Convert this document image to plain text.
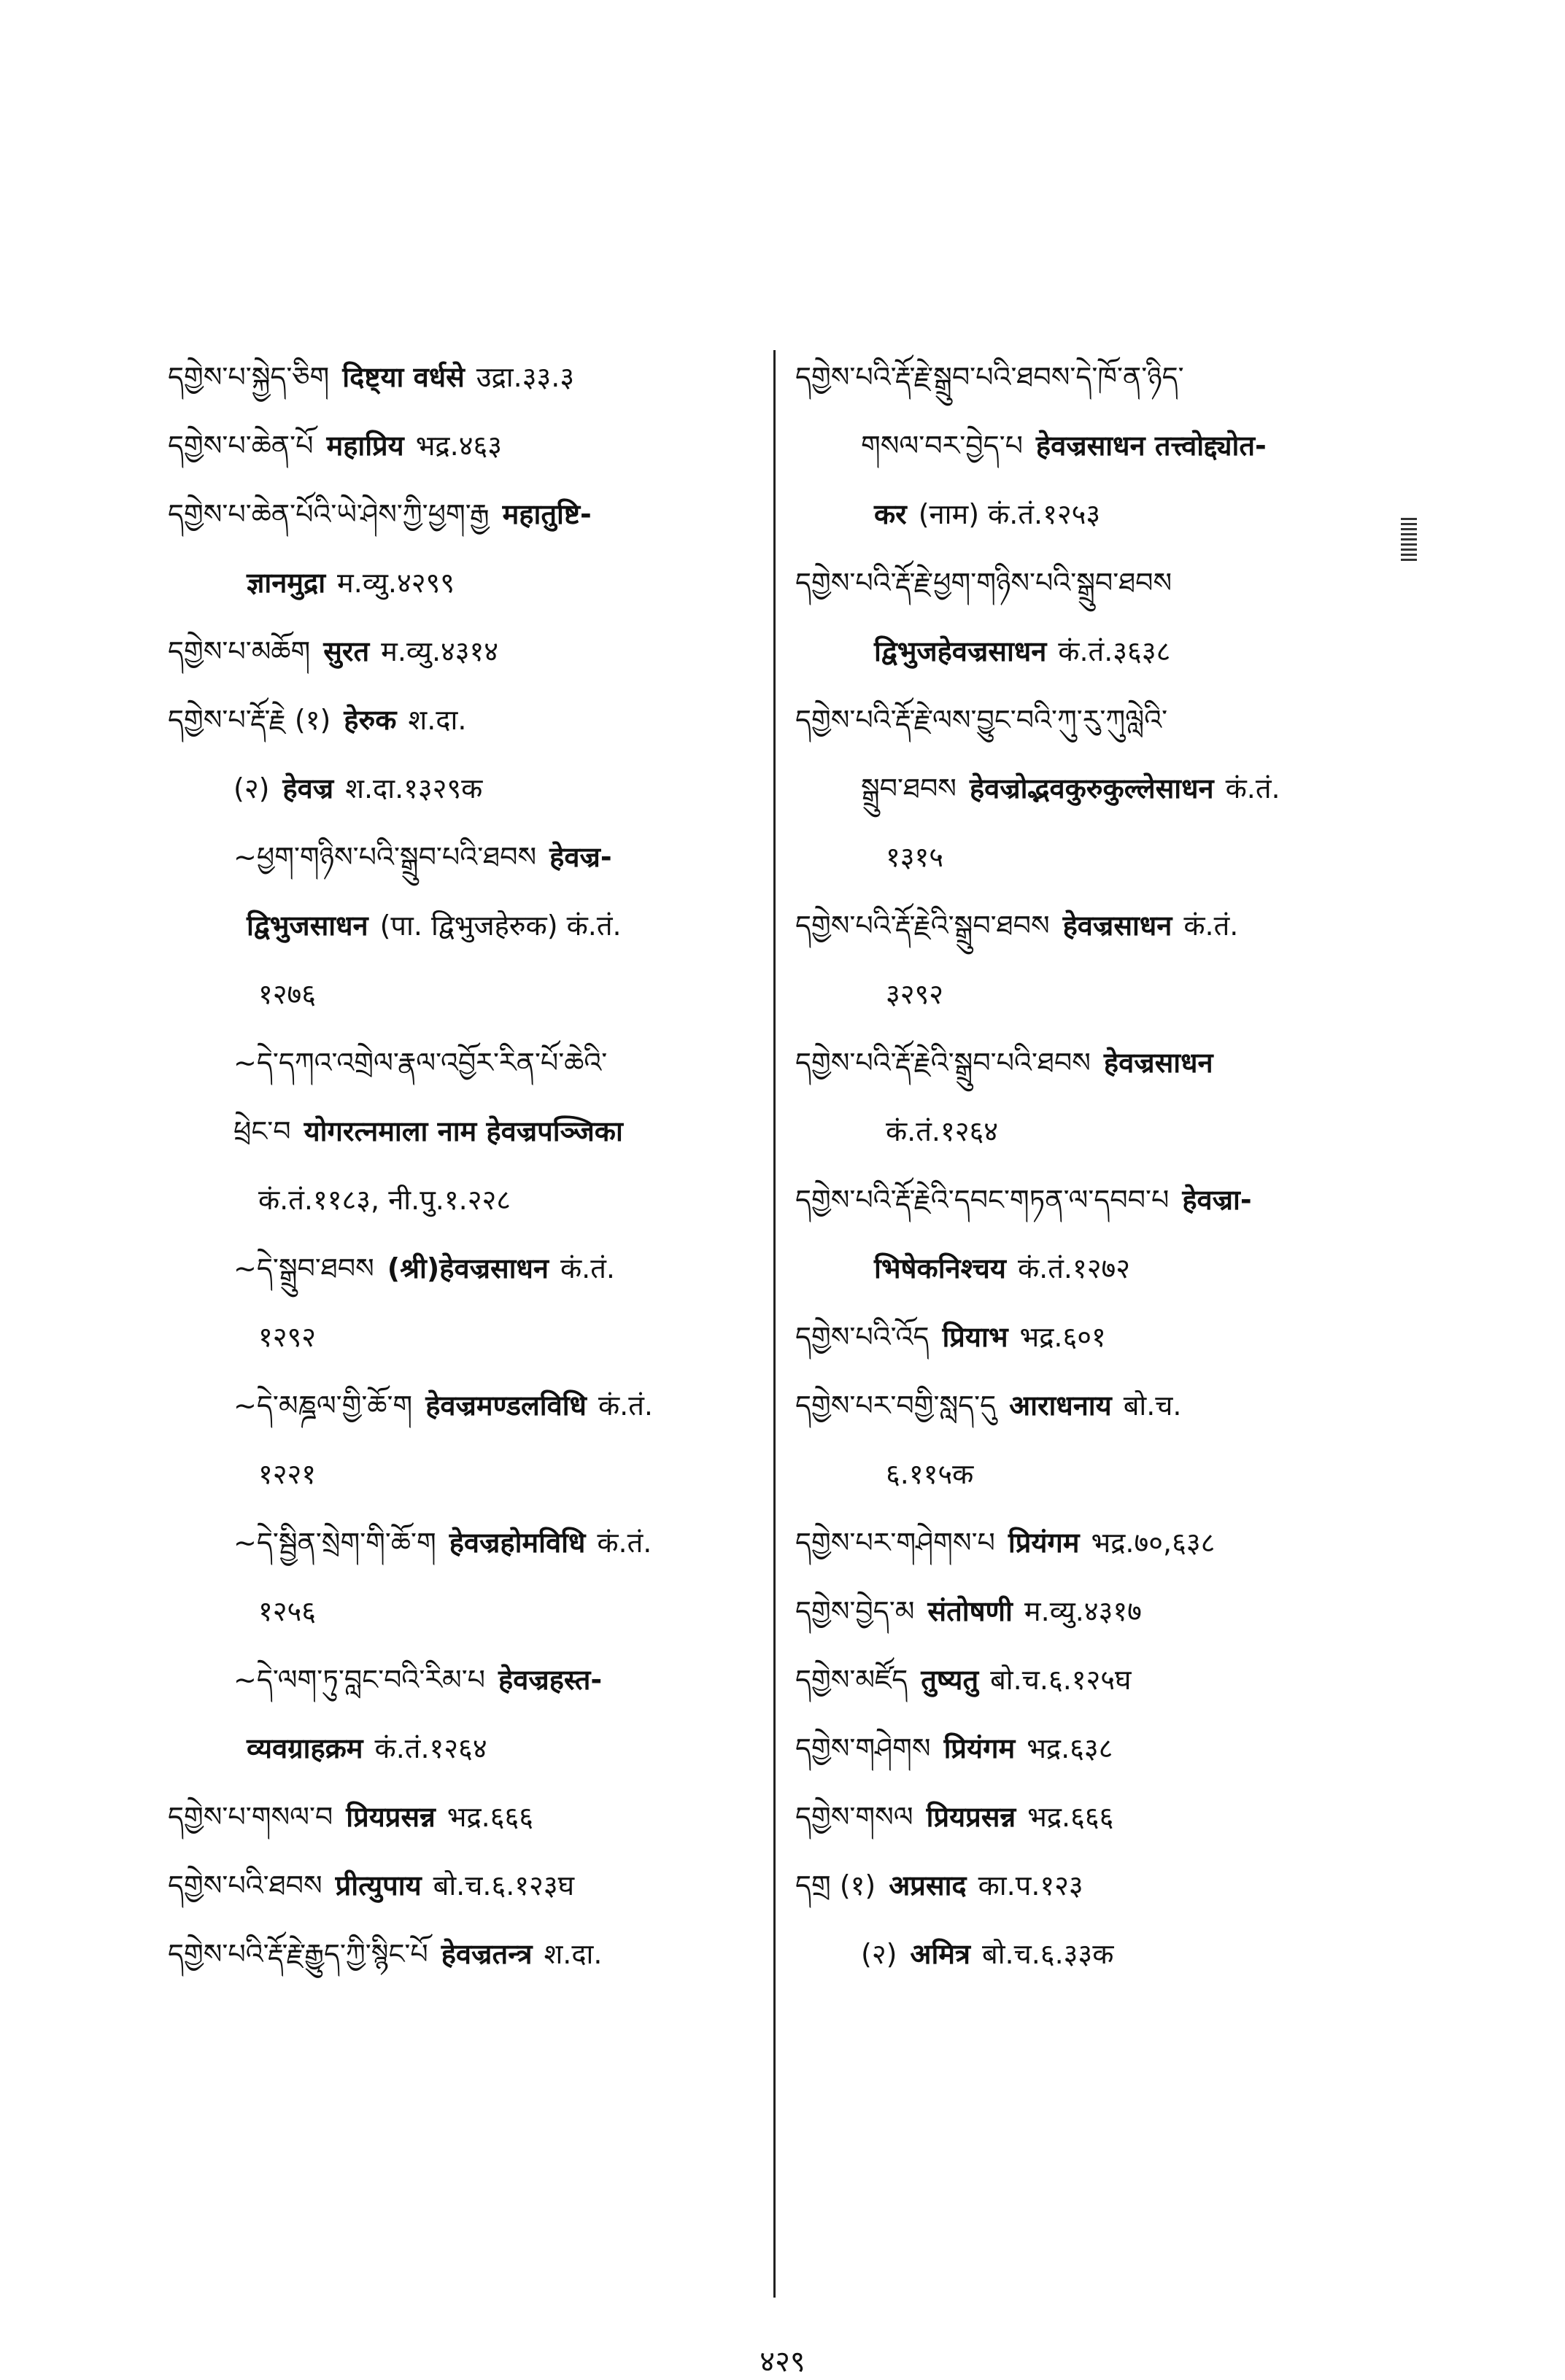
དགྱེས་པ་སྐྱེད་ཅིག दिष्ट्या वर्धसे उद्रा.३३.३
དགྱེས་པ་ཆེན་པོ महाप्रिय भद्र.४६३
དགྱེས་པ་ཆེན་པོའི་ཡེ་ཤེས་ཀྱི་ཕྱག་རྒྱ महातुष्टि-
ज्ञानमुद्रा म.व्यु.४२९९
དགྱེས་པ་མཆོག सुरत म.व्यु.४३१४
དགྱེས་པ་རྡོ་རྗེ (१) हेरुक श.दा.
(२) हेवज्र श.दा.१३२९क
~ཕྱག་གཉིས་པའི་སྒྲུབ་པའི་ཐབས हेवज्र-
द्विभुजसाधन (पा. द्विभुजहेरुक) कं.तं.
१२७६
~དེ་དཀའ་འགྲེལ་རྣལ་འབྱོར་རིན་པོ་ཆེའི་
ཕྲེང་བ योगरत्नमाला नाम हेवज्रपञ्जिका
कं.तं.११८३, नी.पु.१.२२८
~དེ་སྒྲུབ་ཐབས (श्री)हेवज्रसाधन कं.तं.
१२९२
~དེ་མཎྜལ་གྱི་ཆོ་ག हेवज्रमण्डलविधि कं.तं.
१२२१
~དེ་སྦྱིན་སྲེག་གི་ཆོ་ག हेवज्रहोमविधि कं.तं.
१२५६
~དེ་ལག་ཏུ་བླང་བའི་རིམ་པ हेवज्रहस्त-
व्यवग्राहक्रम कं.तं.१२६४
དགྱེས་པ་གསལ་བ प्रियप्रसन्न भद्र.६६६
དགྱེས་པའི་ཐབས प्रीत्युपाय बो.च.६.१२३घ
དགྱེས་པའི་རྡོ་རྗེ་རྒྱུད་ཀྱི་སྙིང་པོ हेवज्रतन्त्र श.दा.
དགྱེས་པའི་རྡོ་རྗེ་སྒྲུབ་པའི་ཐབས་དེ་ཁོ་ན་ཉིད་
གསལ་བར་བྱེད་པ हेवज्रसाधन तत्त्वोद्द्योत-
कर (नाम) कं.तं.१२५३
དགྱེས་པའི་རྡོ་རྗེ་ཕྱག་གཉིས་པའི་སྒྲུབ་ཐབས
द्विभुजहेवज्रसाधन कं.तं.३६३८
དགྱེས་པའི་རྡོ་རྗེ་ལས་བྱུང་བའི་ཀུ་རུ་ཀུལླེའི་
སྒྲུབ་ཐབས हेवज्रोद्भवकुरुकुल्लेसाधन कं.तं.
१३१५
དགྱེས་པའི་རྡོ་རྗེའི་སྒྲུབ་ཐབས हेवज्रसाधन कं.तं.
३२९२
དགྱེས་པའི་རྡོ་རྗེའི་སྒྲུབ་པའི་ཐབས हेवज्रसाधन
कं.तं.१२६४
དགྱེས་པའི་རྡོ་རྗེའི་དབང་གཏན་ལ་དབབ་པ हेवज्रा-
भिषेकनिश्चय कं.तं.१२७२
དགྱེས་པའི་འོད प्रियाभ भद्र.६०१
དགྱེས་པར་བགྱི་སླད་དུ आराधनाय बो.च.
६.११५क
དགྱེས་པར་གཤེགས་པ प्रियंगम भद्र.७०,६३८
དགྱེས་བྱེད་མ संतोषणी म.व्यु.४३१७
དགྱེས་མཛོད तुष्यतु बो.च.६.१२५घ
དགྱེས་གཤེགས प्रियंगम भद्र.६३८
དགྱེས་གསལ प्रियप्रसन्न भद्र.६६६
དགྲ (१) अप्रसाद का.प.१२३
(२) अमित्र बो.च.६.३३क
४२९
